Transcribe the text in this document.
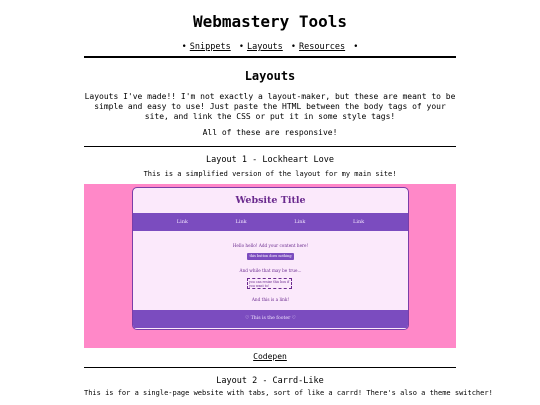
Webmastery Tools
• Snippets • Layouts • Resources •
Layouts

Layouts I've made!! I'm not exactly a layout-maker, but these are meant to be simple and easy to use! Just paste the HTML between the body tags of your site, and link the CSS or put it in some style tags!

All of these are responsive!

Layout 1 - Lockheart Love
This is a simplified version of the layout for my main site!
Website Title
Link	Link	Link	Link
Hello hello! Add your content here!
this button does nothing
And while that may be true...
you can resize this box if you want to!
And this is a link!
♡ This is the footer ♡
Codepen
Layout 2 - Carrd-Like
This is for a single-page website with tabs, sort of like a carrd! There's also a theme switcher!
